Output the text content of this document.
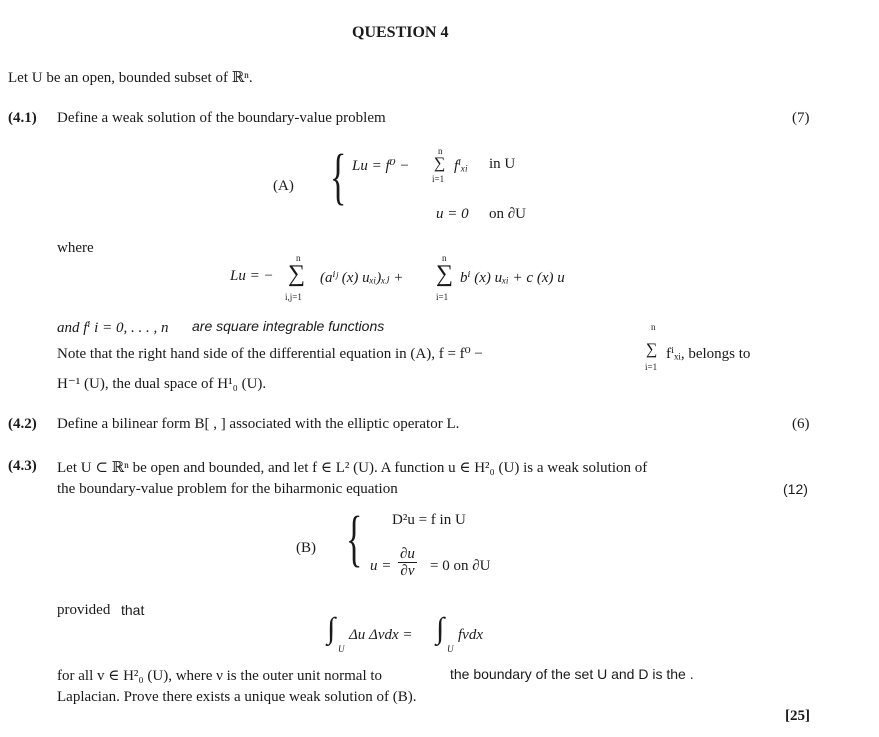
QUESTION 4
Let U be an open, bounded subset of ℝⁿ.
(4.1) Define a weak solution of the boundary-value problem	(7)
(A) { Lu = f⁰ −
n
∑
i=1
fⁱₓᵢ in U
u = 0 on ∂U
where
Lu = −
n
∑
i,j=1
(aⁱʲ (x) uₓᵢ)ₓⱼ +
n
∑
i=1
bⁱ (x) uₓᵢ + c (x) u
and fⁱ i = 0, . . . , n are square integrable functions
Note that the right hand side of the differential equation in (A), f = f⁰ −
n
∑
i=1
fⁱₓᵢ, belongs to
H⁻¹ (U), the dual space of H¹₀ (U).
(4.2) Define a bilinear form B[ , ] associated with the elliptic operator L.	(6)
(4.3) Let U ⊂ ℝⁿ be open and bounded, and let f ∈ L² (U). A function u ∈ H²₀ (U) is a weak solution of
the boundary-value problem for the biharmonic equation	(12)
(B) { D²u = f in U
$u = \frac{\partial u}{\partial\nu} = 0$ on ∂U
provided that
∫
U
Δu Δvdx = ∫
U
fvdx
for all v ∈ H²₀ (U), where ν is the outer unit normal to	the boundary of the set U and D is the .
Laplacian. Prove there exists a unique weak solution of (B).
[25]
